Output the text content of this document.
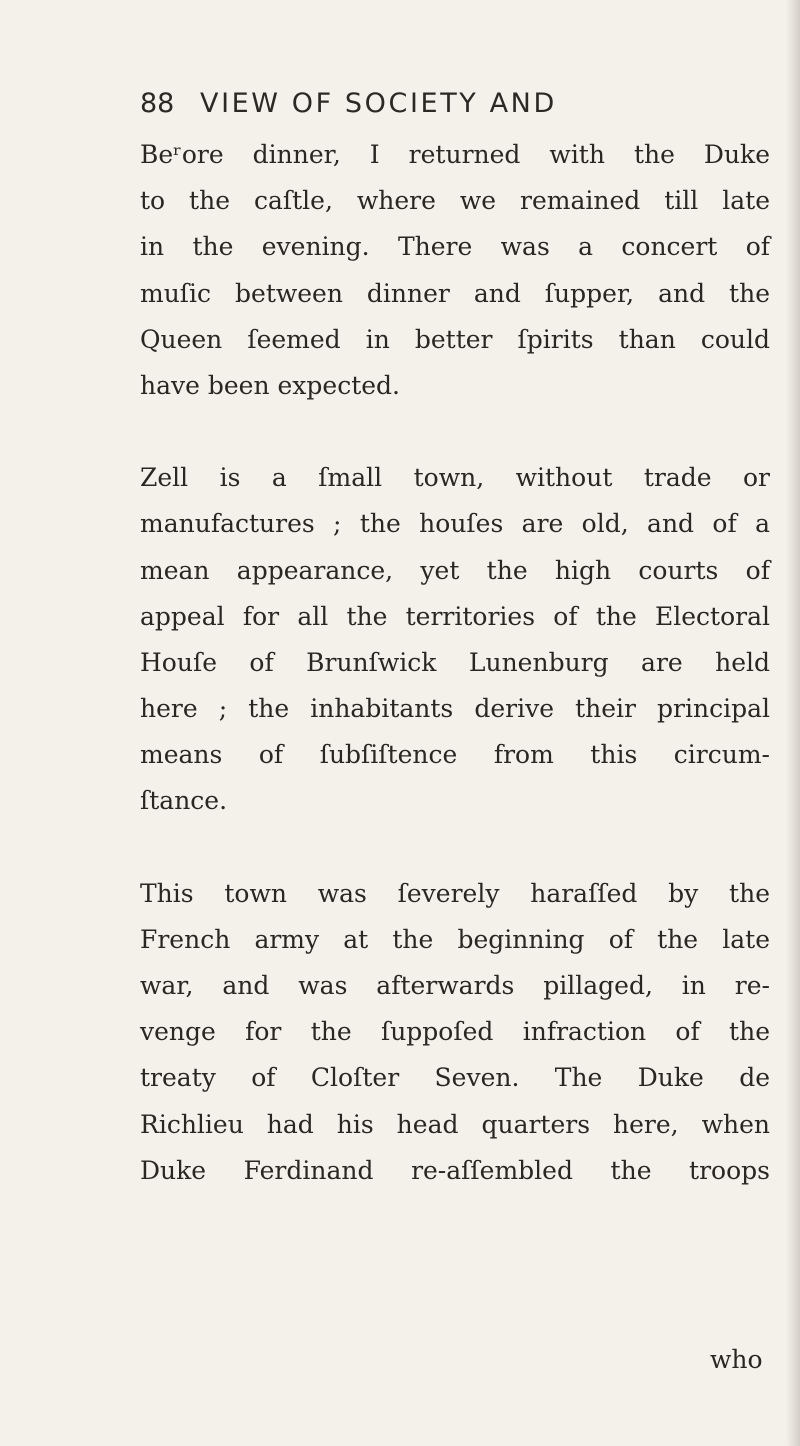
88 VIEW OF SOCIETY AND
Beʳore dinner, I returned with the Duke
to the caſtle, where we remained till late
in the evening. There was a concert of
muſic between dinner and ſupper, and the
Queen ſeemed in better ſpirits than could
have been expected.
Zell is a ſmall town, without trade or
manufactures ; the houſes are old, and of a
mean appearance, yet the high courts of
appeal for all the territories of the Electoral
Houſe of Brunſwick Lunenburg are held
here ; the inhabitants derive their principal
means of ſubſiſtence from this circum-
ſtance.
This town was ſeverely haraſſed by the
French army at the beginning of the late
war, and was afterwards pillaged, in re-
venge for the ſuppoſed infraction of the
treaty of Cloſter Seven. The Duke de
Richlieu had his head quarters here, when
Duke Ferdinand re-aſſembled the troops
who
